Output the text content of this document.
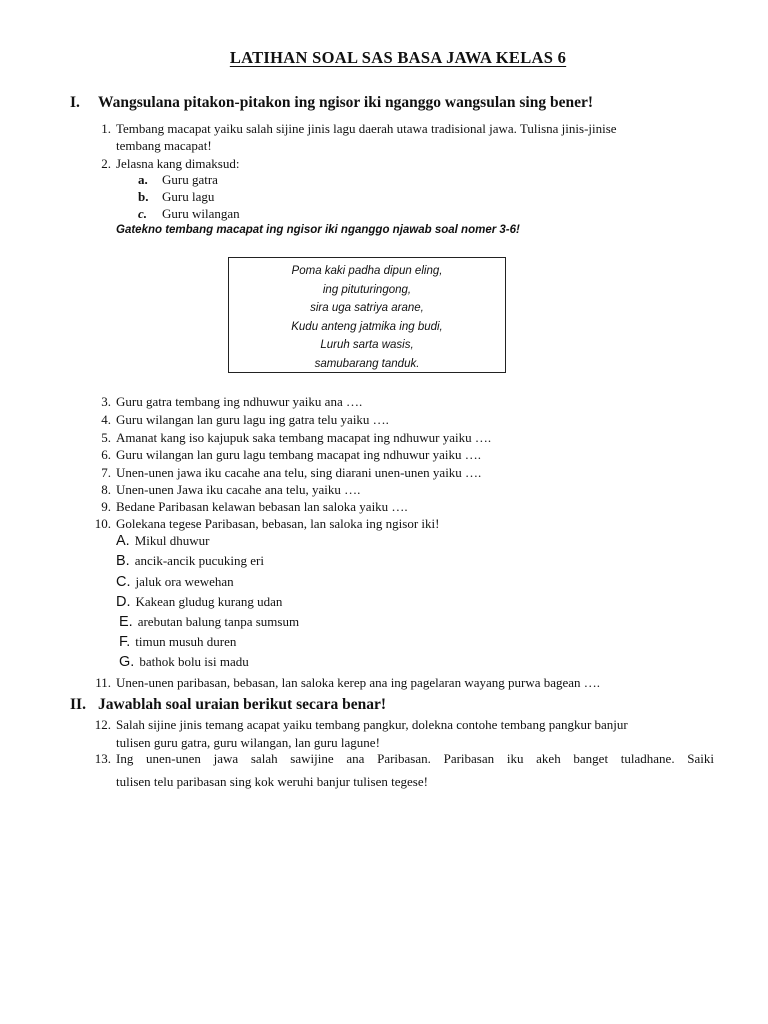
LATIHAN SOAL SAS BASA JAWA KELAS 6
I. Wangsulana pitakon-pitakon ing ngisor iki nganggo wangsulan sing bener!
1. Tembang macapat yaiku salah sijine jinis lagu daerah utawa tradisional jawa. Tulisna jinis-jinise
tembang macapat!
2. Jelasna kang dimaksud:
a. Guru gatra
b. Guru lagu
c. Guru wilangan
Gatekno tembang macapat ing ngisor iki nganggo njawab soal nomer 3-6!
Poma kaki padha dipun eling,
ing pituturingong,
sira uga satriya arane,
Kudu anteng jatmika ing budi,
Luruh sarta wasis,
samubarang tanduk.
3. Guru gatra tembang ing ndhuwur yaiku ana ….
4. Guru wilangan lan guru lagu ing gatra telu yaiku ….
5. Amanat kang iso kajupuk saka tembang macapat ing ndhuwur yaiku ….
6. Guru wilangan lan guru lagu tembang macapat ing ndhuwur yaiku ….
7. Unen-unen jawa iku cacahe ana telu, sing diarani unen-unen yaiku ….
8. Unen-unen Jawa iku cacahe ana telu, yaiku ….
9. Bedane Paribasan kelawan bebasan lan saloka yaiku ….
10. Golekana tegese Paribasan, bebasan, lan saloka ing ngisor iki!
A. Mikul dhuwur
B. ancik-ancik pucuking eri
C. jaluk ora wewehan
D. Kakean gludug kurang udan
E. arebutan balung tanpa sumsum
F. timun musuh duren
G. bathok bolu isi madu
11. Unen-unen paribasan, bebasan, lan saloka kerep ana ing pagelaran wayang purwa bagean ….
II. Jawablah soal uraian berikut secara benar!
12. Salah sijine jinis temang acapat yaiku tembang pangkur, dolekna contohe tembang pangkur banjur
tulisen guru gatra, guru wilangan, lan guru lagune!
13. Ing unen-unen jawa salah sawijine ana Paribasan. Paribasan iku akeh banget tuladhane. Saiki
tulisen telu paribasan sing kok weruhi banjur tulisen tegese!
